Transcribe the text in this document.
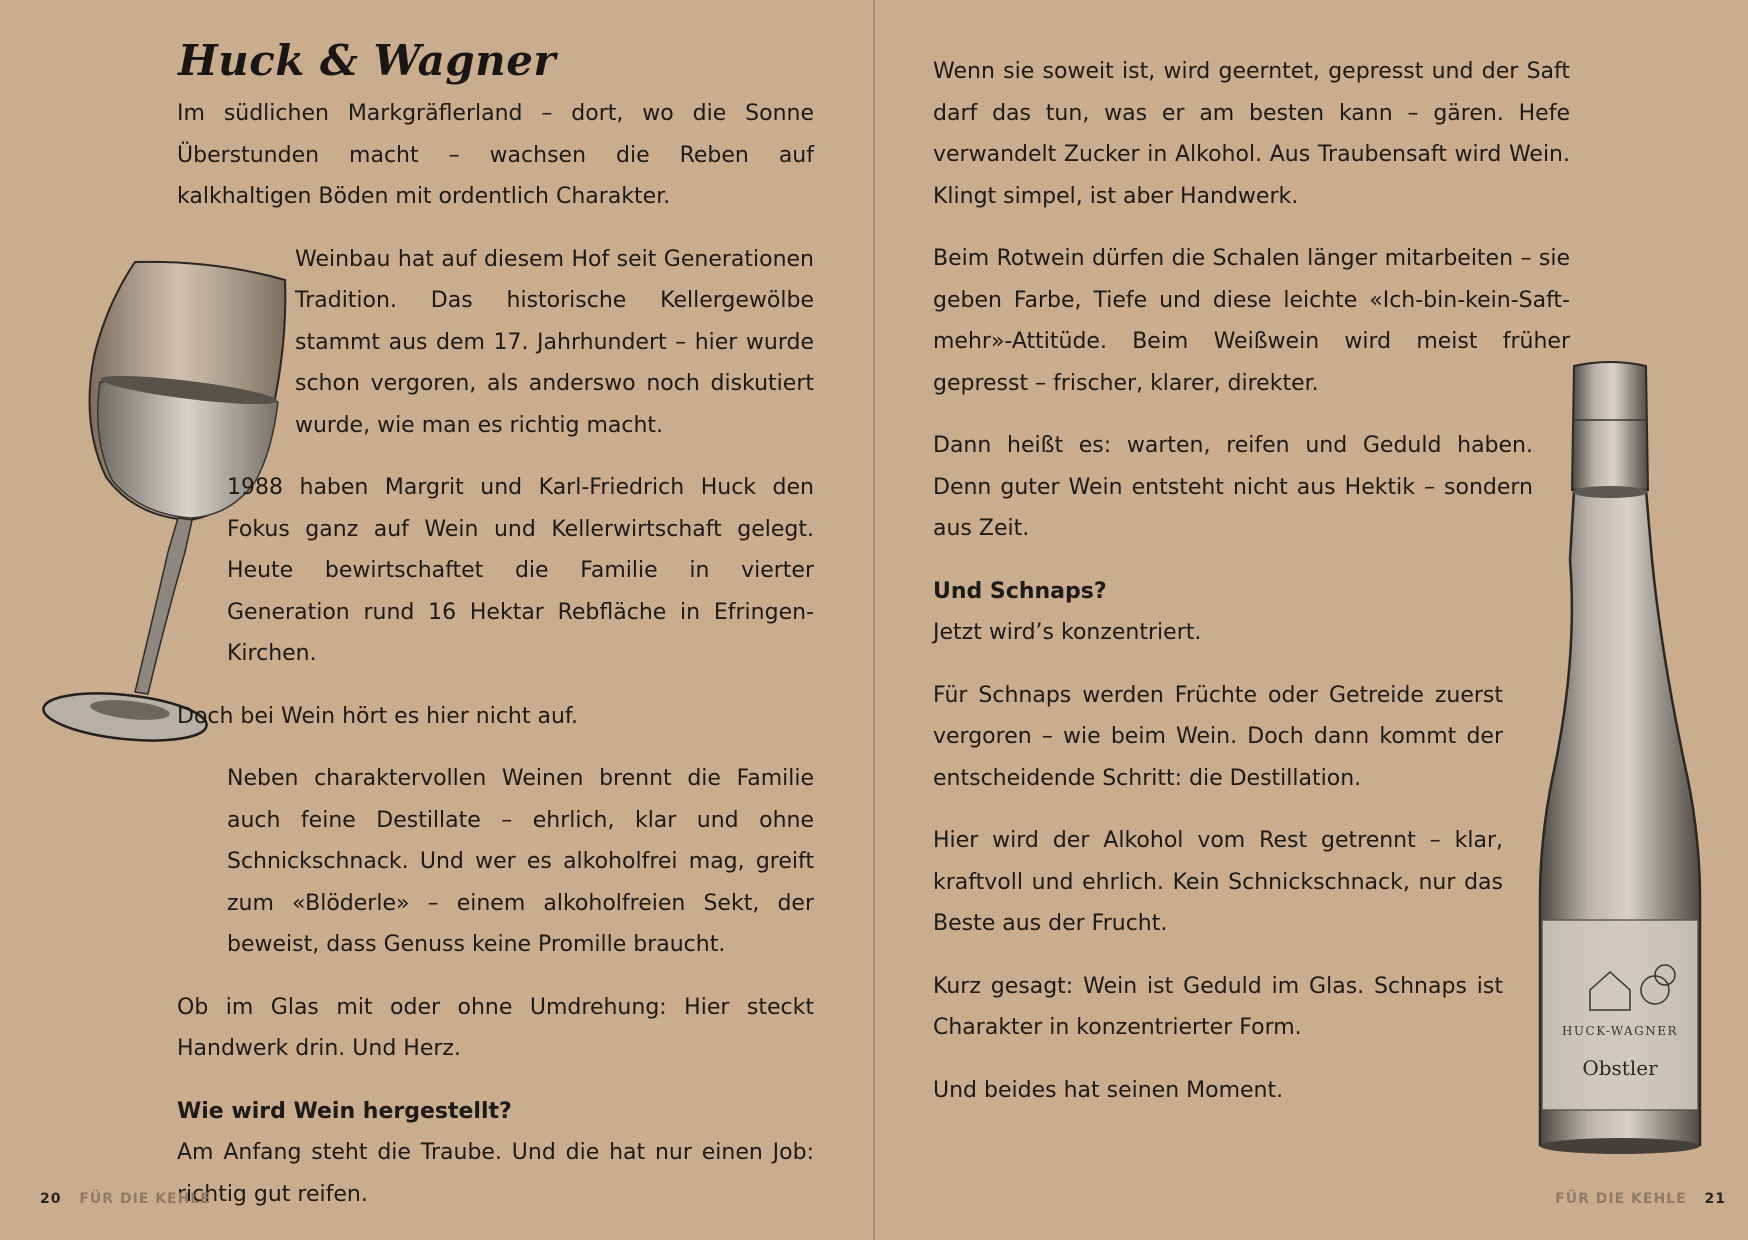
Huck & Wagner

Im südlichen Markgräflerland – dort, wo die Sonne Überstunden macht – wachsen die Reben auf kalkhaltigen Böden mit ordentlich Charakter.

Weinbau hat auf diesem Hof seit Generationen Tradition. Das historische Kellergewölbe stammt aus dem 17. Jahrhundert – hier wurde schon vergoren, als anderswo noch diskutiert wurde, wie man es richtig macht.

1988 haben Margrit und Karl-Friedrich Huck den Fokus ganz auf Wein und Kellerwirtschaft gelegt. Heute bewirtschaftet die Familie in vierter Generation rund 16 Hektar Rebfläche in Efringen-Kirchen.

Doch bei Wein hört es hier nicht auf.

Neben charaktervollen Weinen brennt die Familie auch feine Destillate – ehrlich, klar und ohne Schnickschnack. Und wer es alkoholfrei mag, greift zum «Blöderle» – einem alkoholfreien Sekt, der beweist, dass Genuss keine Promille braucht.

Ob im Glas mit oder ohne Umdrehung: Hier steckt Handwerk drin. Und Herz.

Wie wird Wein hergestellt?

Am Anfang steht die Traube. Und die hat nur einen Job: richtig gut reifen.

20 FÜR DIE KEHLE

Wenn sie soweit ist, wird geerntet, gepresst und der Saft darf das tun, was er am besten kann – gären. Hefe verwandelt Zucker in Alkohol. Aus Traubensaft wird Wein. Klingt simpel, ist aber Handwerk.

Beim Rotwein dürfen die Schalen länger mitarbeiten – sie geben Farbe, Tiefe und diese leichte «Ich-bin-kein-Saft-mehr»-Attitüde. Beim Weißwein wird meist früher gepresst – frischer, klarer, direkter.

Dann heißt es: warten, reifen und Geduld haben. Denn guter Wein entsteht nicht aus Hektik – sondern aus Zeit.

Und Schnaps?

Jetzt wird’s konzentriert.

Für Schnaps werden Früchte oder Getreide zuerst vergoren – wie beim Wein. Doch dann kommt der entscheidende Schritt: die Destillation.

Hier wird der Alkohol vom Rest getrennt – klar, kraftvoll und ehrlich. Kein Schnickschnack, nur das Beste aus der Frucht.

Kurz gesagt: Wein ist Geduld im Glas. Schnaps ist Charakter in konzentrierter Form.

Und beides hat seinen Moment.

FÜR DIE KEHLE 21
HUCK-WAGNER
Obstler
